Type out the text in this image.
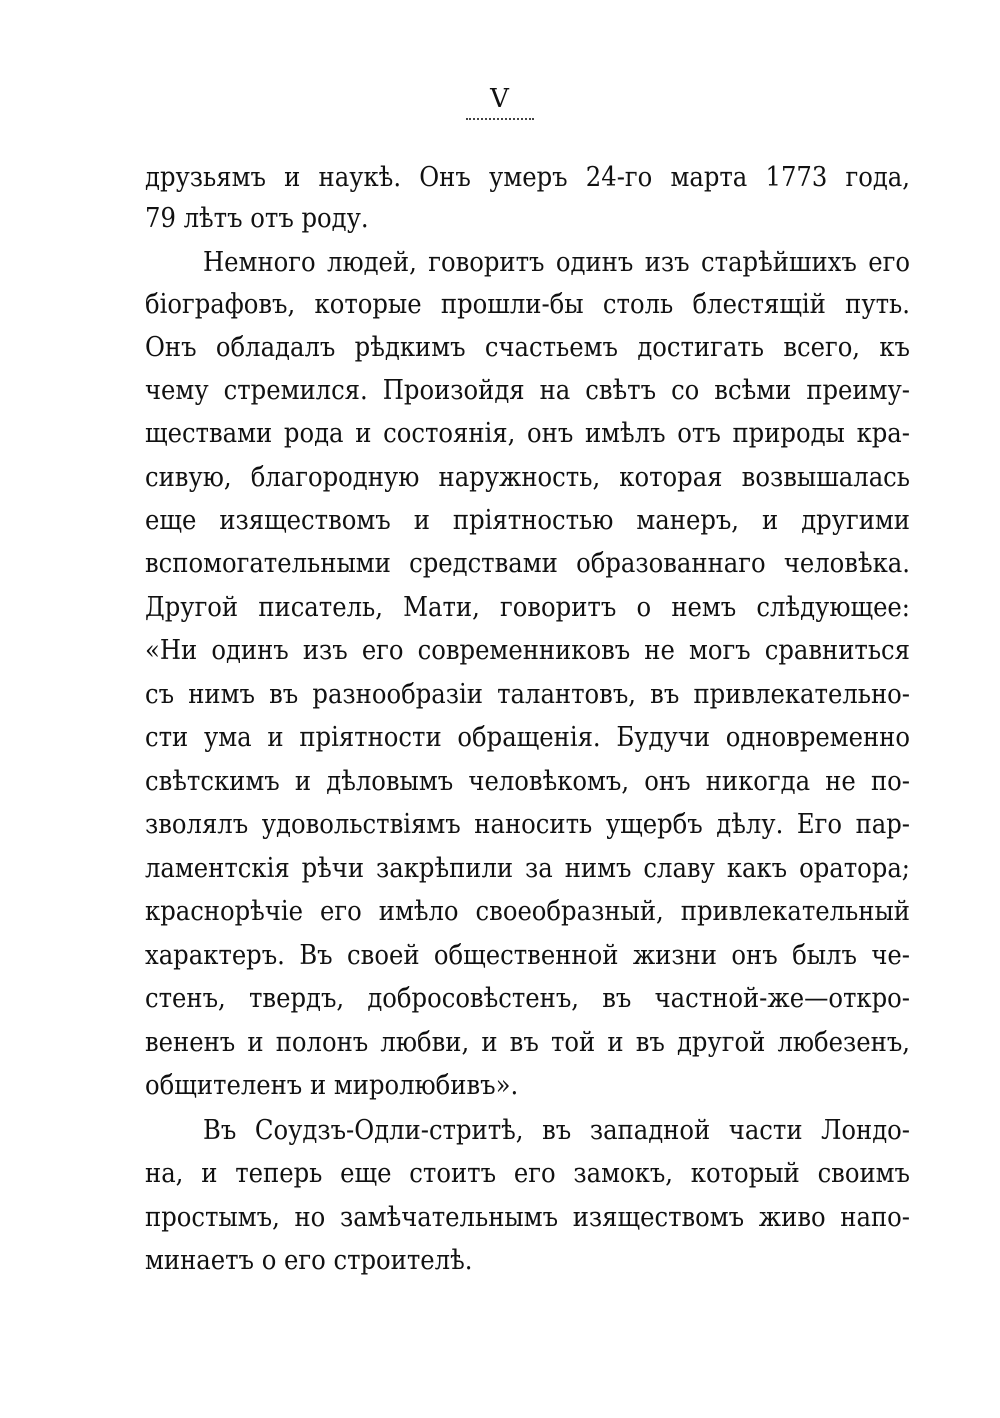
V
друзьямъ и наукѣ. Онъ умеръ 24-го марта 1773 года,
79 лѣтъ отъ роду.
Немного людей, говоритъ одинъ изъ старѣйшихъ его
біографовъ, которые прошли-бы столь блестящій путь.
Онъ обладалъ рѣдкимъ счастьемъ достигать всего, къ
чему стремился. Произойдя на свѣтъ со всѣми преиму-
ществами рода и состоянія, онъ имѣлъ отъ природы кра-
сивую, благородную наружность, которая возвышалась
еще изяществомъ и пріятностью манеръ, и другими
вспомогательными средствами образованнаго человѣка.
Другой писатель, Мати, говоритъ о немъ слѣдующее:
«Ни одинъ изъ его современниковъ не могъ сравниться
съ нимъ въ разнообразіи талантовъ, въ привлекательно-
сти ума и пріятности обращенія. Будучи одновременно
свѣтскимъ и дѣловымъ человѣкомъ, онъ никогда не по-
зволялъ удовольствіямъ наносить ущербъ дѣлу. Его пар-
ламентскія рѣчи закрѣпили за нимъ славу какъ оратора;
краснорѣчіе его имѣло своеобразный, привлекательный
характеръ. Въ своей общественной жизни онъ былъ че-
стенъ, твердъ, добросовѣстенъ, въ частной-же—откро-
вененъ и полонъ любви, и въ той и въ другой любезенъ,
общителенъ и миролюбивъ».
Въ Соудзъ-Одли-стритѣ, въ западной части Лондо-
на, и теперь еще стоитъ его замокъ, который своимъ
простымъ, но замѣчательнымъ изяществомъ живо напо-
минаетъ о его строителѣ.
